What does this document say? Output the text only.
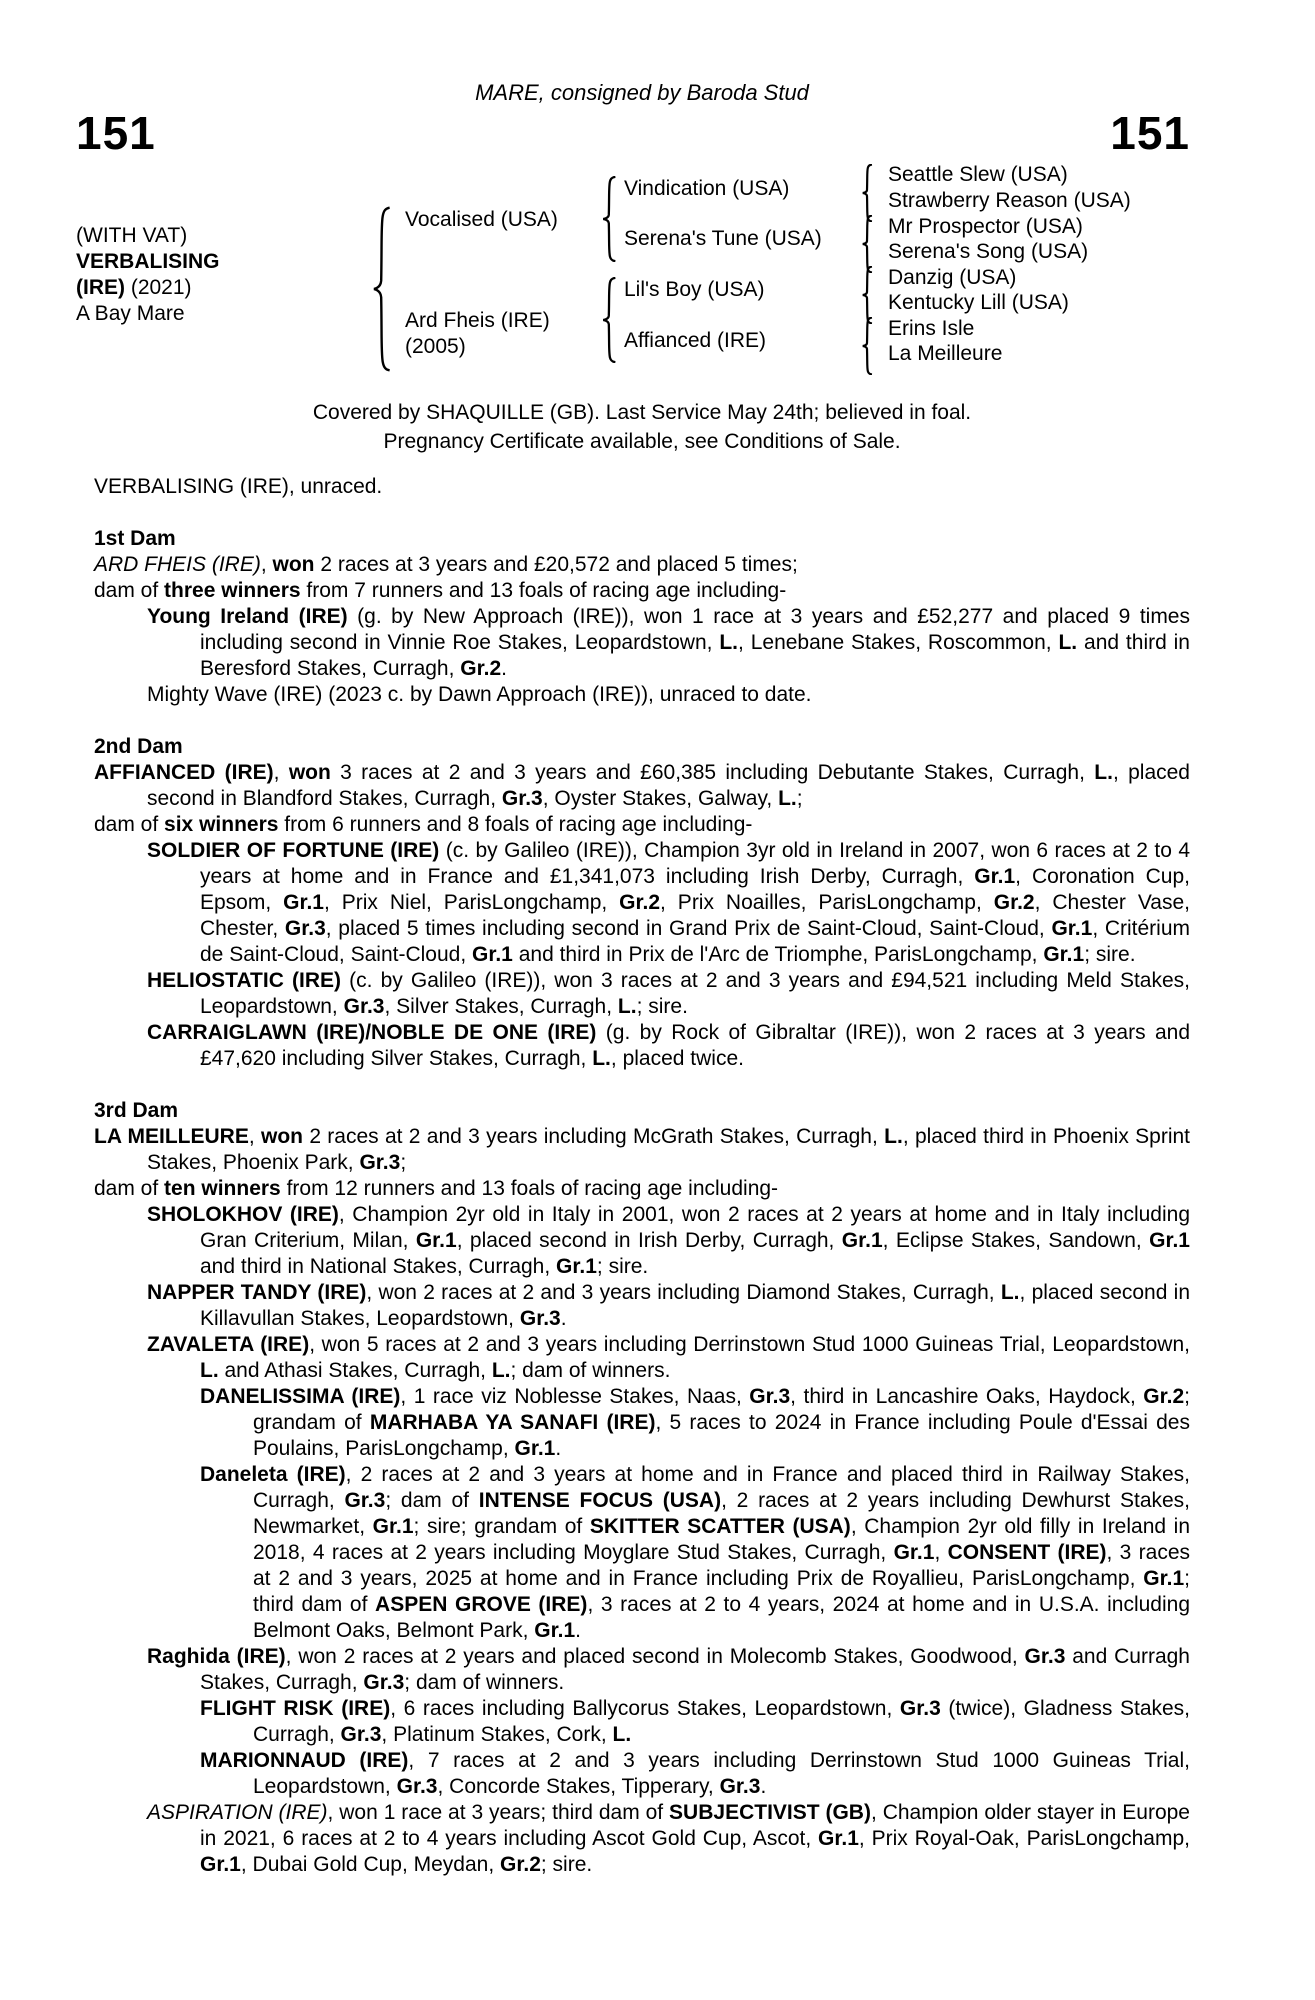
MARE, consigned by Baroda Stud
151	151
(WITH VAT)
VERBALISING
(IRE) (2021)
A Bay Mare
Vocalised (USA)
Ard Fheis (IRE)
(2005)
Vindication (USA)
Serena's Tune (USA)
Lil's Boy (USA)
Affianced (IRE)
Seattle Slew (USA)
Strawberry Reason (USA)
Mr Prospector (USA)
Serena's Song (USA)
Danzig (USA)
Kentucky Lill (USA)
Erins Isle
La Meilleure
Covered by SHAQUILLE (GB). Last Service May 24th; believed in foal.
Pregnancy Certificate available, see Conditions of Sale.

VERBALISING (IRE), unraced.

1st Dam

ARD FHEIS (IRE), won 2 races at 3 years and £20,572 and placed 5 times;

dam of three winners from 7 runners and 13 foals of racing age including-

Young Ireland (IRE) (g. by New Approach (IRE)), won 1 race at 3 years and £52,277 and placed 9 times including second in Vinnie Roe Stakes, Leopardstown, L., Lenebane Stakes, Roscommon, L. and third in Beresford Stakes, Curragh, Gr.2.

Mighty Wave (IRE) (2023 c. by Dawn Approach (IRE)), unraced to date.

2nd Dam

AFFIANCED (IRE), won 3 races at 2 and 3 years and £60,385 including Debutante Stakes, Curragh, L., placed second in Blandford Stakes, Curragh, Gr.3, Oyster Stakes, Galway, L.;

dam of six winners from 6 runners and 8 foals of racing age including-

SOLDIER OF FORTUNE (IRE) (c. by Galileo (IRE)), Champion 3yr old in Ireland in 2007, won 6 races at 2 to 4 years at home and in France and £1,341,073 including Irish Derby, Curragh, Gr.1, Coronation Cup, Epsom, Gr.1, Prix Niel, ParisLongchamp, Gr.2, Prix Noailles, ParisLongchamp, Gr.2, Chester Vase, Chester, Gr.3, placed 5 times including second in Grand Prix de Saint-Cloud, Saint-Cloud, Gr.1, Critérium de Saint-Cloud, Saint-Cloud, Gr.1 and third in Prix de l'Arc de Triomphe, ParisLongchamp, Gr.1; sire.

HELIOSTATIC (IRE) (c. by Galileo (IRE)), won 3 races at 2 and 3 years and £94,521 including Meld Stakes, Leopardstown, Gr.3, Silver Stakes, Curragh, L.; sire.

CARRAIGLAWN (IRE)/NOBLE DE ONE (IRE) (g. by Rock of Gibraltar (IRE)), won 2 races at 3 years and £47,620 including Silver Stakes, Curragh, L., placed twice.

3rd Dam

LA MEILLEURE, won 2 races at 2 and 3 years including McGrath Stakes, Curragh, L., placed third in Phoenix Sprint Stakes, Phoenix Park, Gr.3;

dam of ten winners from 12 runners and 13 foals of racing age including-

SHOLOKHOV (IRE), Champion 2yr old in Italy in 2001, won 2 races at 2 years at home and in Italy including Gran Criterium, Milan, Gr.1, placed second in Irish Derby, Curragh, Gr.1, Eclipse Stakes, Sandown, Gr.1 and third in National Stakes, Curragh, Gr.1; sire.

NAPPER TANDY (IRE), won 2 races at 2 and 3 years including Diamond Stakes, Curragh, L., placed second in Killavullan Stakes, Leopardstown, Gr.3.

ZAVALETA (IRE), won 5 races at 2 and 3 years including Derrinstown Stud 1000 Guineas Trial, Leopardstown, L. and Athasi Stakes, Curragh, L.; dam of winners.

DANELISSIMA (IRE), 1 race viz Noblesse Stakes, Naas, Gr.3, third in Lancashire Oaks, Haydock, Gr.2; grandam of MARHABA YA SANAFI (IRE), 5 races to 2024 in France including Poule d'Essai des Poulains, ParisLongchamp, Gr.1.

Daneleta (IRE), 2 races at 2 and 3 years at home and in France and placed third in Railway Stakes, Curragh, Gr.3; dam of INTENSE FOCUS (USA), 2 races at 2 years including Dewhurst Stakes, Newmarket, Gr.1; sire; grandam of SKITTER SCATTER (USA), Champion 2yr old filly in Ireland in 2018, 4 races at 2 years including Moyglare Stud Stakes, Curragh, Gr.1, CONSENT (IRE), 3 races at 2 and 3 years, 2025 at home and in France including Prix de Royallieu, ParisLongchamp, Gr.1; third dam of ASPEN GROVE (IRE), 3 races at 2 to 4 years, 2024 at home and in U.S.A. including Belmont Oaks, Belmont Park, Gr.1.

Raghida (IRE), won 2 races at 2 years and placed second in Molecomb Stakes, Goodwood, Gr.3 and Curragh Stakes, Curragh, Gr.3; dam of winners.

FLIGHT RISK (IRE), 6 races including Ballycorus Stakes, Leopardstown, Gr.3 (twice), Gladness Stakes, Curragh, Gr.3, Platinum Stakes, Cork, L.

MARIONNAUD (IRE), 7 races at 2 and 3 years including Derrinstown Stud 1000 Guineas Trial, Leopardstown, Gr.3, Concorde Stakes, Tipperary, Gr.3.

ASPIRATION (IRE), won 1 race at 3 years; third dam of SUBJECTIVIST (GB), Champion older stayer in Europe in 2021, 6 races at 2 to 4 years including Ascot Gold Cup, Ascot, Gr.1, Prix Royal-Oak, ParisLongchamp, Gr.1, Dubai Gold Cup, Meydan, Gr.2; sire.
